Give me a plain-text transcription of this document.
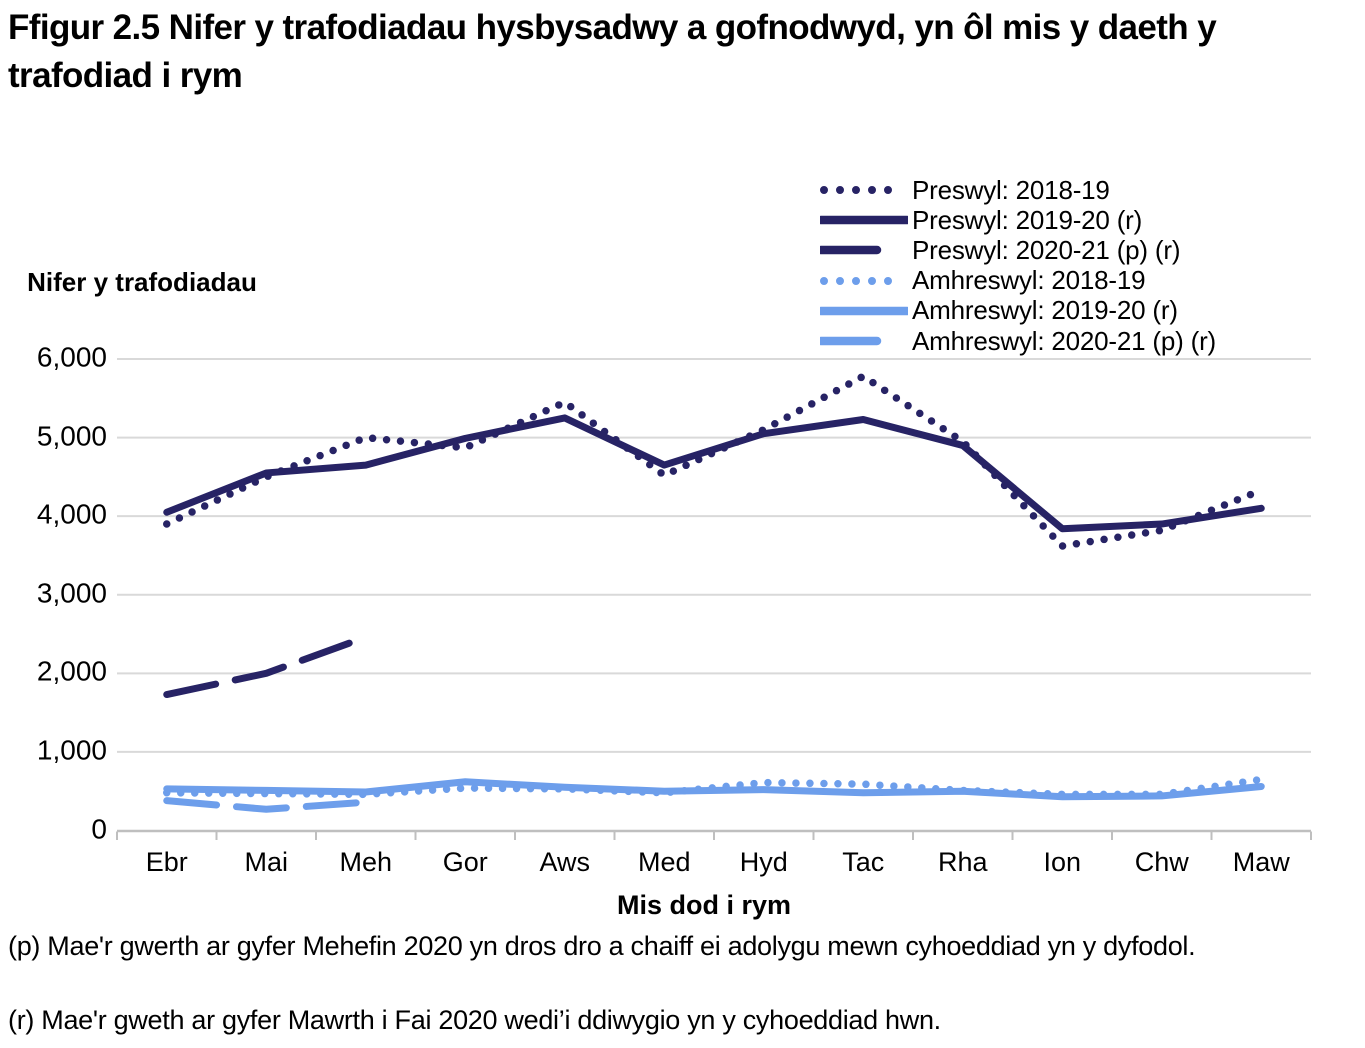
Ffigur 2.5 Nifer y trafodiadau hysbysadwy a gofnodwyd, yn ôl mis y daeth y trafodiad i rym
Nifer y trafodiadau
6,000
5,000
4,000
3,000
2,000
1,000
0
Ebr Mai Meh Gor Aws Med Hyd Tac Rha Ion Chw Maw
Mis dod i rym
Preswyl: 2018-19
Preswyl: 2019-20 (r)
Preswyl: 2020-21 (p) (r)
Amhreswyl: 2018-19
Amhreswyl: 2019-20 (r)
Amhreswyl: 2020-21 (p) (r)

(p) Mae'r gwerth ar gyfer Mehefin 2020 yn dros dro a chaiff ei adolygu mewn cyhoeddiad yn y dyfodol.

(r) Mae'r gweth ar gyfer Mawrth i Fai 2020 wedi’i ddiwygio yn y cyhoeddiad hwn.
